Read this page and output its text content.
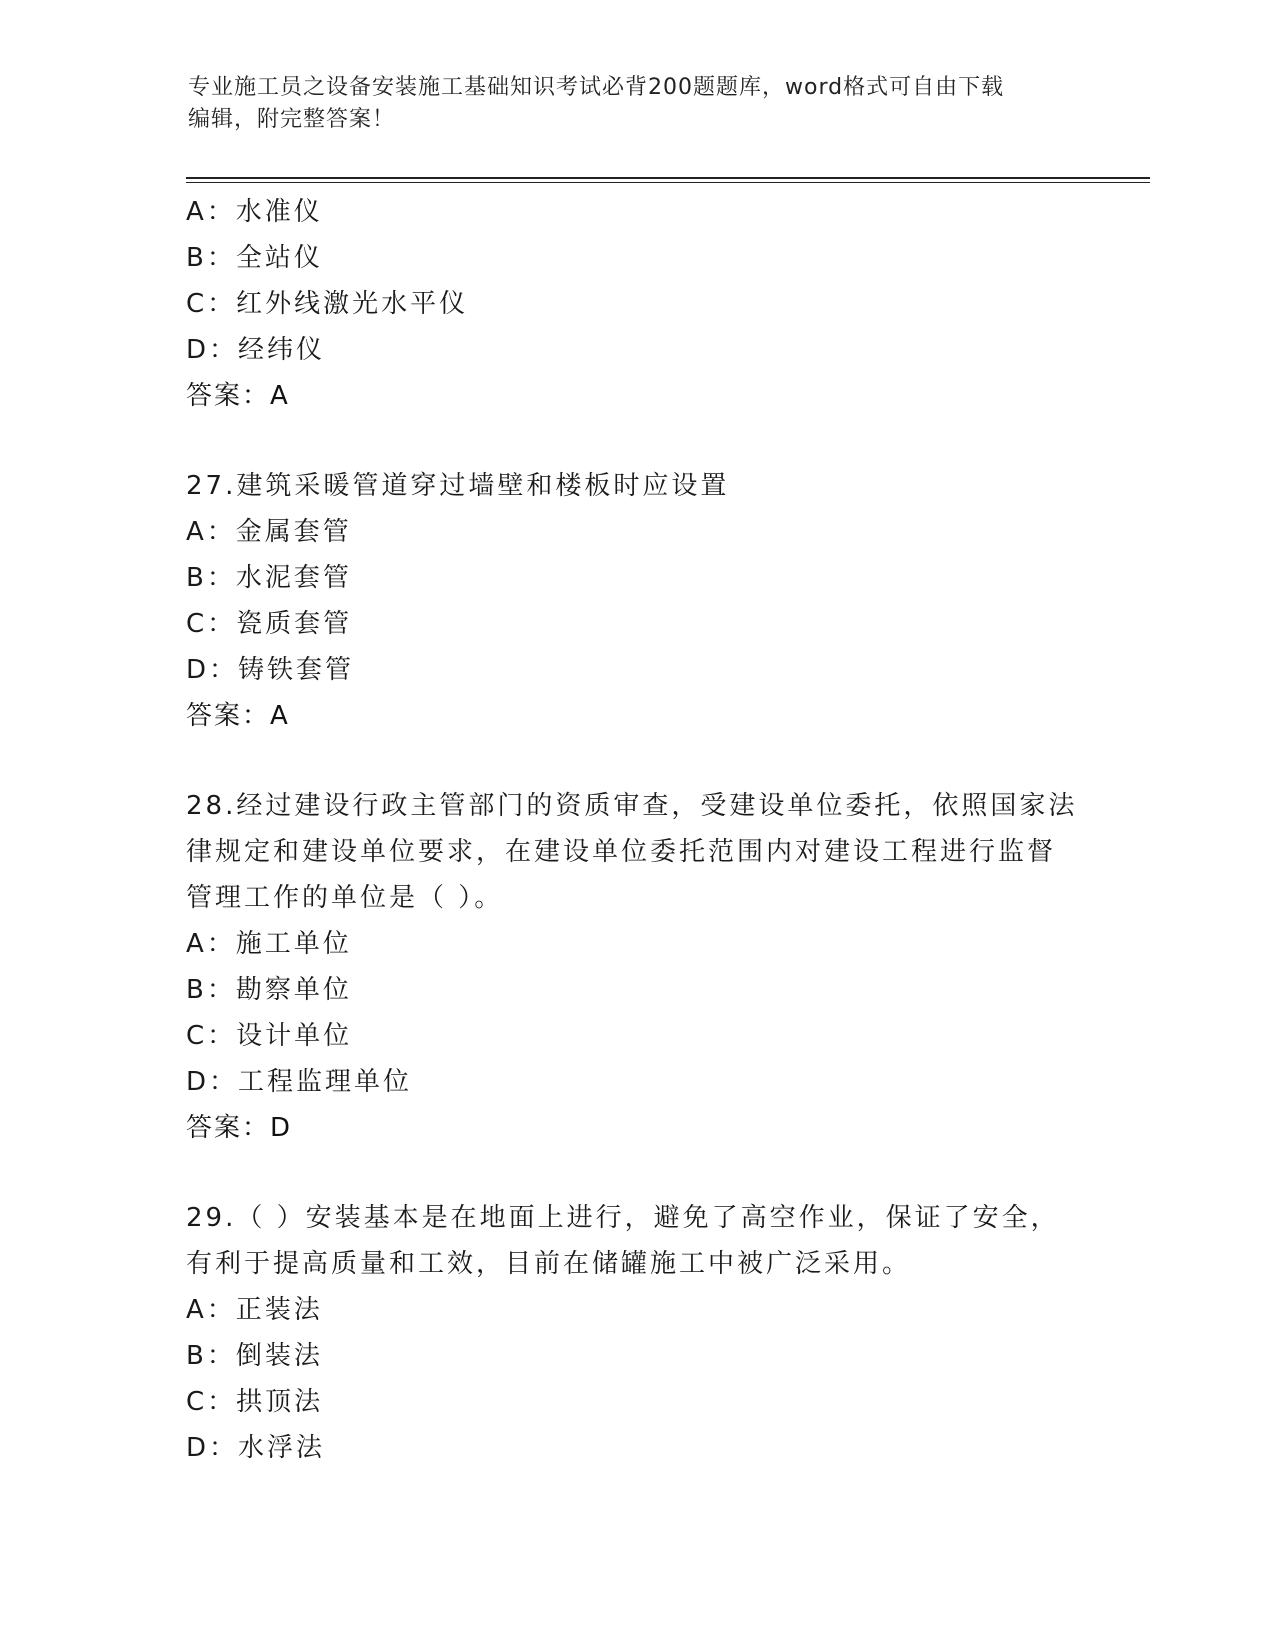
专业施工员之设备安装施工基础知识考试必背200题题库，word格式可自由下载
编辑，附完整答案！
A：水准仪
B：全站仪
C：红外线激光水平仪
D：经纬仪
答案：A
27.建筑采暖管道穿过墙壁和楼板时应设置
A：金属套管
B：水泥套管
C：瓷质套管
D：铸铁套管
答案：A
28.经过建设行政主管部门的资质审查，受建设单位委托，依照国家法
律规定和建设单位要求，在建设单位委托范围内对建设工程进行监督
管理工作的单位是（ ）。
A：施工单位
B：勘察单位
C：设计单位
D：工程监理单位
答案：D
29.（ ）安装基本是在地面上进行，避免了高空作业，保证了安全，
有利于提高质量和工效，目前在储罐施工中被广泛采用。
A：正装法
B：倒装法
C：拱顶法
D：水浮法
